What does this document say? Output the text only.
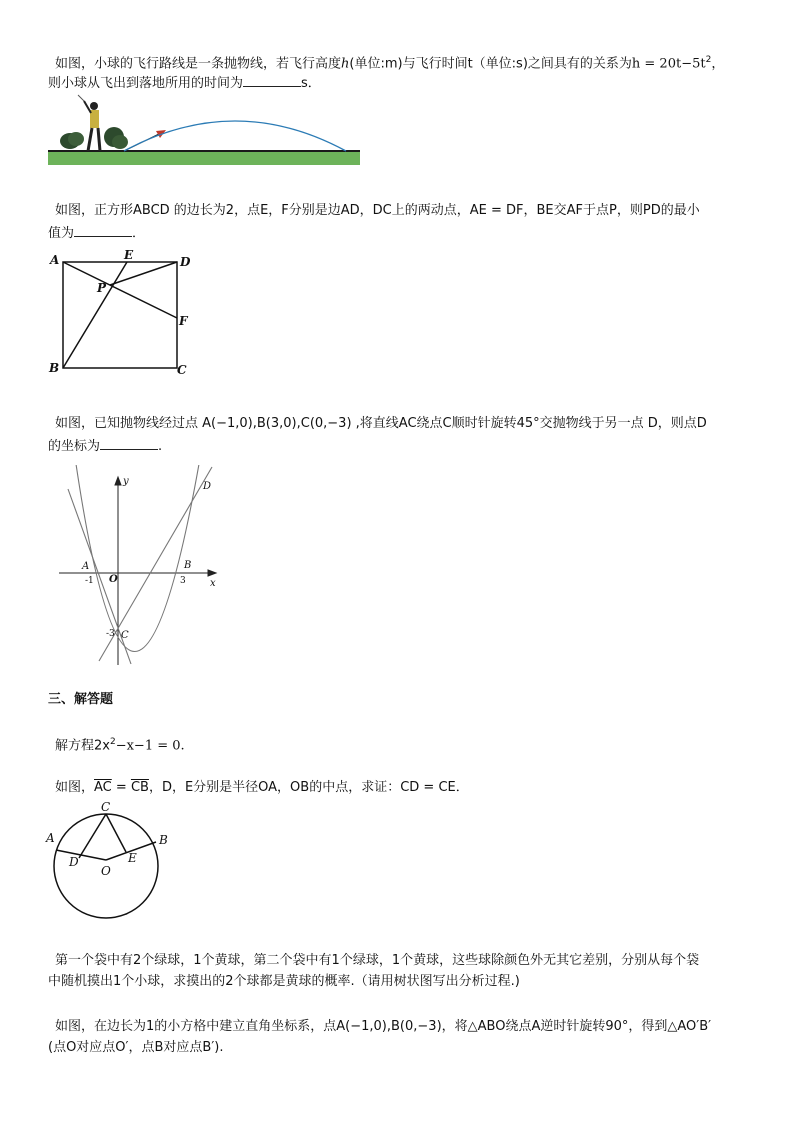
如图，小球的飞行路线是一条抛物线，若飞行高度h(单位:m)与飞行时间t（单位:s)之间具有的关系为$h = 20t-5t^2$，
则小球从飞出到落地所用的时间为	s．
如图，正方形ABCD 的边长为2，点E，F分别是边AD，DC上的两动点，AE = DF，BE交AF于点P，则PD的最小
值为	．
A	E	D
P
F
B	C
如图，已知抛物线经过点 A(−1,0),B(3,0),C(0,−3) ,将直线AC绕点C顺时针旋转45°交抛物线于另一点 D，则点D
的坐标为	.
y
x
D
A	B
O
C
-1	3
-3
三、解答题
解方程$2x^2-x-1 = 0$.
如图，$\overline{AC} = \overline{CB}$，D，E分别是半径OA，OB的中点，求证：CD = CE．
C
A	B
D	E
O
第一个袋中有2个绿球，1个黄球，第二个袋中有1个绿球，1个黄球，这些球除颜色外无其它差别，分别从每个袋
中随机摸出1个小球，求摸出的2个球都是黄球的概率.（请用树状图写出分析过程.)
如图，在边长为1的小方格中建立直角坐标系，点A(−1,0),B(0,−3)，将△ABO绕点A逆时针旋转90°，得到△AO′B′
(点O对应点O′，点B对应点B′).
